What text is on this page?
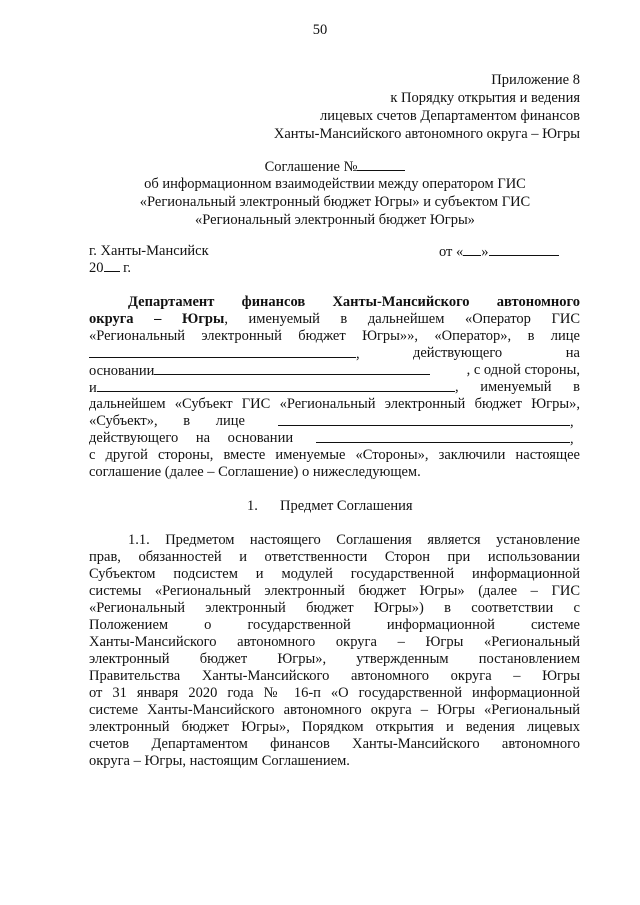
50
Приложение 8
к Порядку открытия и ведения
лицевых счетов Департаментом финансов
Ханты-Мансийского автономного округа – Югры
Соглашение №
об информационном взаимодействии между оператором ГИС
«Региональный электронный бюджет Югры» и субъектом ГИС
«Региональный электронный бюджет Югры»
г. Ханты-Мансийск	от « »
20 г.
Департамент финансов Ханты-Мансийского автономного
округа – Югры, именуемый в дальнейшем «Оператор ГИС
«Региональный электронный бюджет Югры»», «Оператор», в лице
,	действующего на
основании	, с одной стороны,
и	, именуемый в
дальнейшем «Субъект ГИС «Региональный электронный бюджет Югры»,
«Субъект», в лице	,
действующего на основании	,
с другой стороны, вместе именуемые «Стороны», заключили настоящее
соглашение (далее – Соглашение) о нижеследующем.
1. Предмет Соглашения
1.1. Предметом настоящего Соглашения является установление
прав, обязанностей и ответственности Сторон при использовании
Субъектом подсистем и модулей государственной информационной
системы «Региональный электронный бюджет Югры» (далее – ГИС
«Региональный электронный бюджет Югры») в соответствии с
Положением о государственной информационной системе
Ханты-Мансийского автономного округа – Югры «Региональный
электронный бюджет Югры», утвержденным постановлением
Правительства Ханты-Мансийского автономного округа – Югры
от 31 января 2020 года № 16-п «О государственной информационной
системе Ханты-Мансийского автономного округа – Югры «Региональный
электронный бюджет Югры», Порядком открытия и ведения лицевых
счетов Департаментом финансов Ханты-Мансийского автономного
округа – Югры, настоящим Соглашением.
